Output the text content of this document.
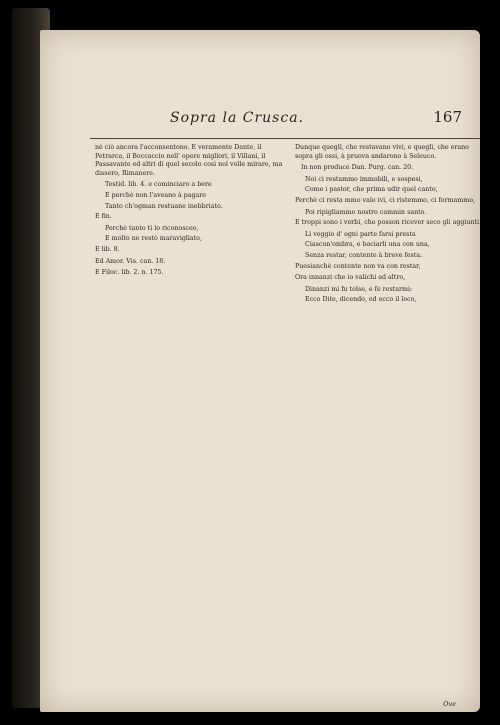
Sopra la Crusca.	167

nè ciò ancora l'acconsentono. E veramente Dante, il Petrarca, il Boccaccio nell' opere migliori, il Villani, il Passavante ed altri di quel secolo così nol volle mirare, ma dissero, Rimanere.

Testid. lib. 4. e cominciaro a bere

E perchè non l'aveano à pagare

Tanto ch'ogman restuane inebbriato.

E fin.

Perchè tanto ti lo riconosceo,

E molto ne restò maravigliato,

E lib. 8.

Ed Amor. Vis. can. 18.

E Filoc. lib. 2. n. 175.

Dunque quegli, che restavano vivi, e quegli, che erano sopra gli ossi, à pruova andarono à Seleuco.

In non produce Dan. Purg. can. 20.

Noi ci restammo immobili, e sospesi,

Come i pastor, che prima udir quel canto,

Perchè ci resta mmo vale ivi, ci ristemmo, ci fermammo,

Poi ripigliammo nostro cammin santo.

E troppi sono i verbi, che posson ricever seco gli aggiunti.

Li veggio d' ogni parte farsi presta

Ciascun'ombra, e baciarli una con una,

Senza restar, contente à breve festa.

Puesianchè contente non va con restar,

Ora innanzi che io valichi ad altro,

Dinanzi mi fu tolse, e fe restarmi:

Ecco Dite, dicendo, ed ecco il loco,

Ove
